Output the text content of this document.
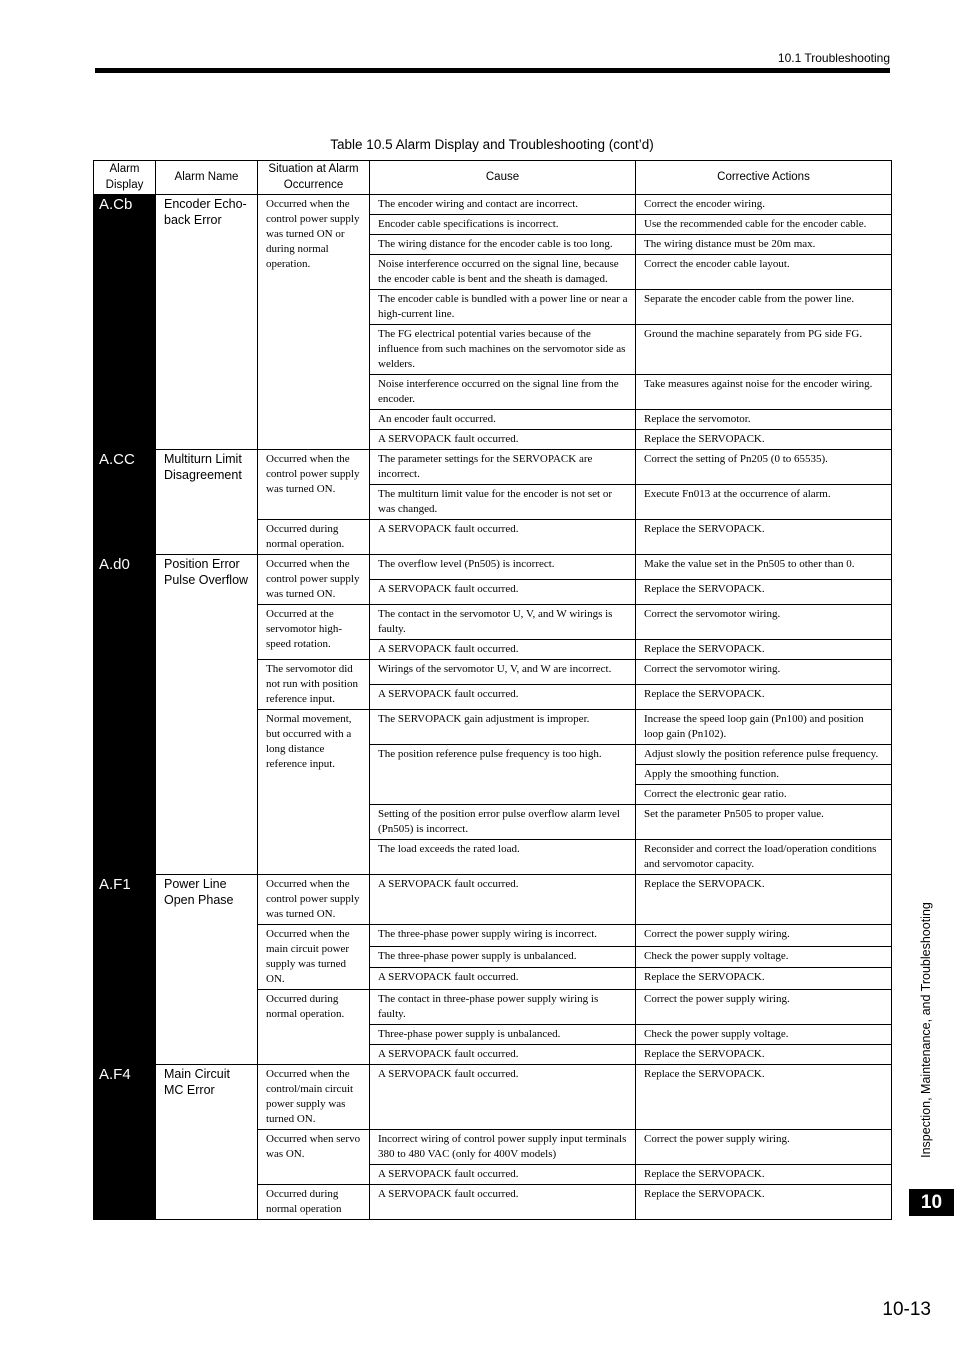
10.1 Troubleshooting
Table 10.5 Alarm Display and Troubleshooting (cont’d)
Alarm Display	Alarm Name	Situation at Alarm Occurrence	Cause	Corrective Actions
A.Cb	Encoder Echo-back Error	Occurred when the control power supply was turned ON or during normal operation.	The encoder wiring and contact are incorrect.	Correct the encoder wiring.
			Encoder cable specifications is incorrect.	Use the recommended cable for the encoder cable.
			The wiring distance for the encoder cable is too long.	The wiring distance must be 20m max.
			Noise interference occurred on the signal line, because the encoder cable is bent and the sheath is damaged.	Correct the encoder cable layout.
			The encoder cable is bundled with a power line or near a high-current line.	Separate the encoder cable from the power line.
			The FG electrical potential varies because of the influence from such machines on the servomotor side as welders.	Ground the machine separately from PG side FG.
			Noise interference occurred on the signal line from the encoder.	Take measures against noise for the encoder wiring.
			An encoder fault occurred.	Replace the servomotor.
			A SERVOPACK fault occurred.	Replace the SERVOPACK.
A.CC	Multiturn Limit Disagreement	Occurred when the control power supply was turned ON.	The parameter settings for the SERVOPACK are incorrect.	Correct the setting of Pn205 (0 to 65535).
			The multiturn limit value for the encoder is not set or was changed.	Execute Fn013 at the occurrence of alarm.
		Occurred during normal operation.	A SERVOPACK fault occurred.	Replace the SERVOPACK.
A.d0	Position Error Pulse Overflow	Occurred when the control power supply was turned ON.	The overflow level (Pn505) is incorrect.	Make the value set in the Pn505 to other than 0.
			A SERVOPACK fault occurred.	Replace the SERVOPACK.
		Occurred at the servomotor high-speed rotation.	The contact in the servomotor U, V, and W wirings is faulty.	Correct the servomotor wiring.
			A SERVOPACK fault occurred.	Replace the SERVOPACK.
		The servomotor did not run with position reference input.	Wirings of the servomotor U, V, and W are incorrect.	Correct the servomotor wiring.
			A SERVOPACK fault occurred.	Replace the SERVOPACK.
		Normal movement, but occurred with a long distance reference input.	The SERVOPACK gain adjustment is improper.	Increase the speed loop gain (Pn100) and position loop gain (Pn102).
			The position reference pulse frequency is too high.	Adjust slowly the position reference pulse frequency.
				Apply the smoothing function.
				Correct the electronic gear ratio.
			Setting of the position error pulse overflow alarm level (Pn505) is incorrect.	Set the parameter Pn505 to proper value.
			The load exceeds the rated load.	Reconsider and correct the load/operation conditions and servomotor capacity.
A.F1	Power Line Open Phase	Occurred when the control power supply was turned ON.	A SERVOPACK fault occurred.	Replace the SERVOPACK.
		Occurred when the main circuit power supply was turned ON.	The three-phase power supply wiring is incorrect.	Correct the power supply wiring.
			The three-phase power supply is unbalanced.	Check the power supply voltage.
			A SERVOPACK fault occurred.	Replace the SERVOPACK.
		Occurred during normal operation.	The contact in three-phase power supply wiring is faulty.	Correct the power supply wiring.
			Three-phase power supply is unbalanced.	Check the power supply voltage.
			A SERVOPACK fault occurred.	Replace the SERVOPACK.
A.F4	Main Circuit MC Error	Occurred when the control/main circuit power supply was turned ON.	A SERVOPACK fault occurred.	Replace the SERVOPACK.
		Occurred when servo was ON.	Incorrect wiring of control power supply input terminals 380 to 480 VAC (only for 400V models)	Correct the power supply wiring.
			A SERVOPACK fault occurred.	Replace the SERVOPACK.
		Occurred during normal operation	A SERVOPACK fault occurred.	Replace the SERVOPACK.
Inspection, Maintenance, and Troubleshooting
10
10-13
